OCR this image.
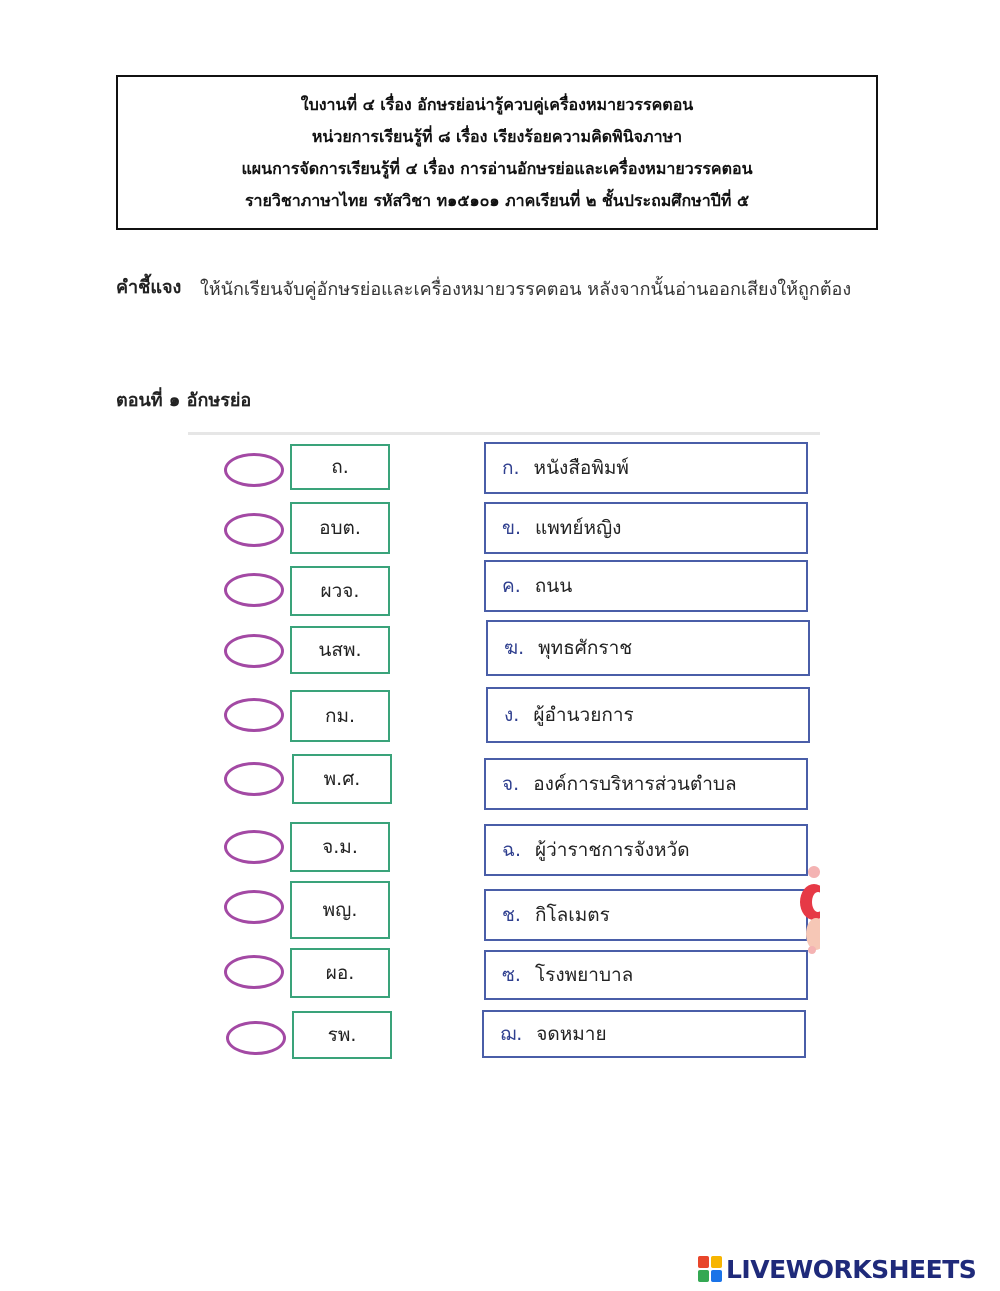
ใบงานที่ ๔ เรื่อง อักษรย่อน่ารู้ควบคู่เครื่องหมายวรรคตอน
หน่วยการเรียนรู้ที่ ๘ เรื่อง เรียงร้อยความคิดพินิจภาษา
แผนการจัดการเรียนรู้ที่ ๔ เรื่อง การอ่านอักษรย่อและเครื่องหมายวรรคตอน
รายวิชาภาษาไทย รหัสวิชา ท๑๕๑๐๑ ภาคเรียนที่ ๒ ชั้นประถมศึกษาปีที่ ๕
คำชี้แจง ให้นักเรียนจับคู่อักษรย่อและเครื่องหมายวรรคตอน หลังจากนั้นอ่านออกเสียงให้ถูกต้อง
ตอนที่ ๑ อักษรย่อ
ถ.	ก. หนังสือพิมพ์
อบต.	ข. แพทย์หญิง
ผวจ.	ค. ถนน
นสพ.	ฆ. พุทธศักราช
กม.	ง. ผู้อำนวยการ
พ.ศ.	จ. องค์การบริหารส่วนตำบล
จ.ม.	ฉ. ผู้ว่าราชการจังหวัด
พญ.	ช. กิโลเมตร
ผอ.	ซ. โรงพยาบาล
รพ.	ฌ. จดหมาย
LIVEWORKSHEETS
